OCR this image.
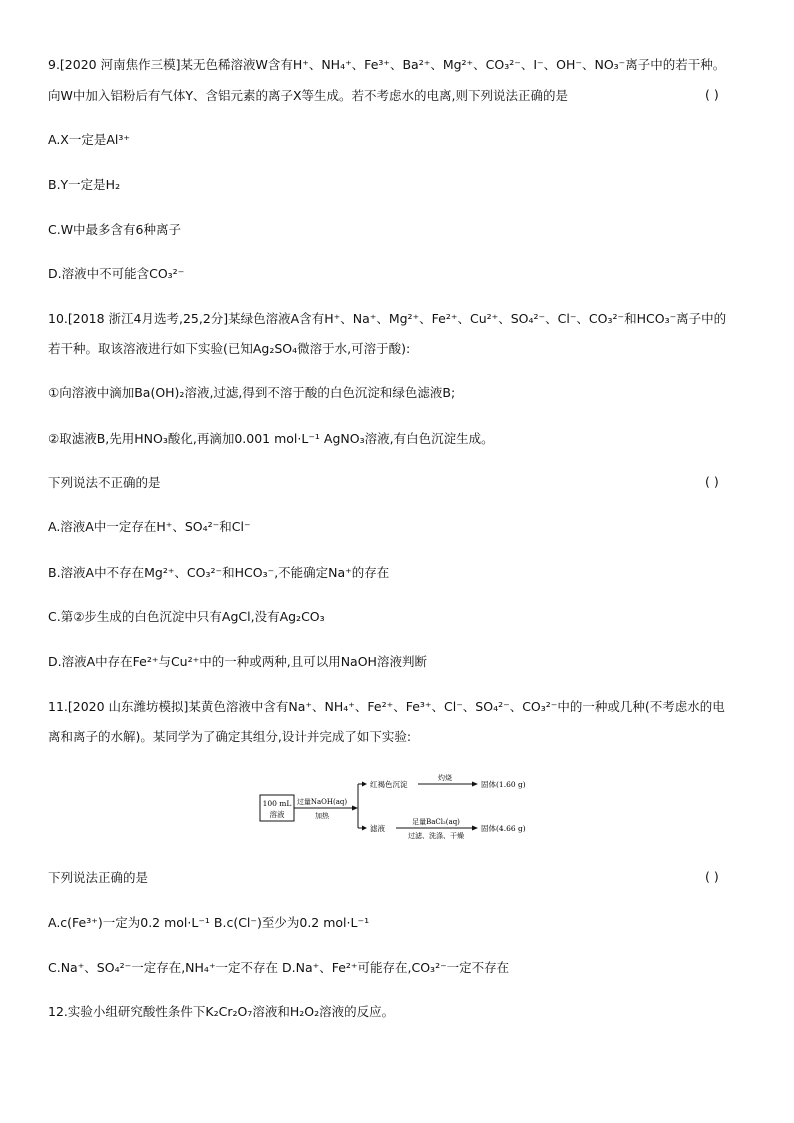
9.[2020 河南焦作三模]某无色稀溶液W含有H⁺、NH₄⁺、Fe³⁺、Ba²⁺、Mg²⁺、CO₃²⁻、I⁻、OH⁻、NO₃⁻离子中的若干种。
向W中加入铝粉后有气体Y、含铝元素的离子X等生成。若不考虑水的电离,则下列说法正确的是	( )
A.X一定是Al³⁺
B.Y一定是H₂
C.W中最多含有6种离子
D.溶液中不可能含CO₃²⁻
10.[2018 浙江4月选考,25,2分]某绿色溶液A含有H⁺、Na⁺、Mg²⁺、Fe²⁺、Cu²⁺、SO₄²⁻、Cl⁻、CO₃²⁻和HCO₃⁻离子中的
若干种。取该溶液进行如下实验(已知Ag₂SO₄微溶于水,可溶于酸):
①向溶液中滴加Ba(OH)₂溶液,过滤,得到不溶于酸的白色沉淀和绿色滤液B;
②取滤液B,先用HNO₃酸化,再滴加0.001 mol·L⁻¹ AgNO₃溶液,有白色沉淀生成。
下列说法不正确的是	( )
A.溶液A中一定存在H⁺、SO₄²⁻和Cl⁻
B.溶液A中不存在Mg²⁺、CO₃²⁻和HCO₃⁻,不能确定Na⁺的存在
C.第②步生成的白色沉淀中只有AgCl,没有Ag₂CO₃
D.溶液A中存在Fe²⁺与Cu²⁺中的一种或两种,且可以用NaOH溶液判断
11.[2020 山东潍坊模拟]某黄色溶液中含有Na⁺、NH₄⁺、Fe²⁺、Fe³⁺、Cl⁻、SO₄²⁻、CO₃²⁻中的一种或几种(不考虑水的电
离和离子的水解)。某同学为了确定其组分,设计并完成了如下实验:
100 mL
溶液
过量NaOH(aq)
加热
红褐色沉淀
灼烧
固体(1.60 g)
滤液
足量BaCl₂(aq)
过滤、洗涤、干燥
固体(4.66 g)
下列说法正确的是	( )
A.c(Fe³⁺)一定为0.2 mol·L⁻¹ B.c(Cl⁻)至少为0.2 mol·L⁻¹
C.Na⁺、SO₄²⁻一定存在,NH₄⁺一定不存在 D.Na⁺、Fe²⁺可能存在,CO₃²⁻一定不存在
12.实验小组研究酸性条件下K₂Cr₂O₇溶液和H₂O₂溶液的反应。
